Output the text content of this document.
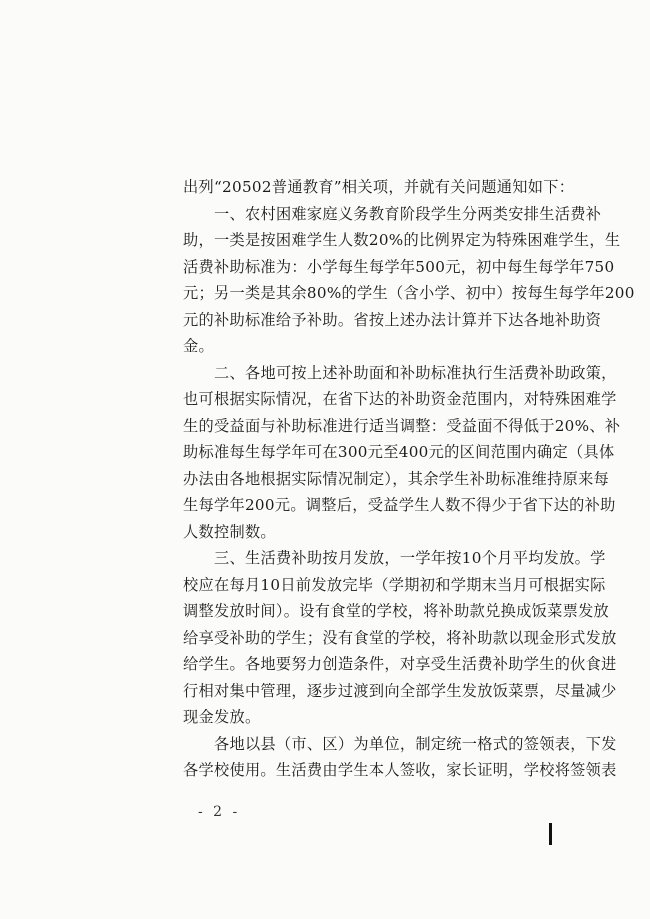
出列“20502普通教育”相关项，并就有关问题通知如下：
一、农村困难家庭义务教育阶段学生分两类安排生活费补
助，一类是按困难学生人数20%的比例界定为特殊困难学生，生
活费补助标准为：小学每生每学年500元，初中每生每学年750
元；另一类是其余80%的学生（含小学、初中）按每生每学年200
元的补助标准给予补助。省按上述办法计算并下达各地补助资
金。
二、各地可按上述补助面和补助标准执行生活费补助政策，
也可根据实际情况，在省下达的补助资金范围内，对特殊困难学
生的受益面与补助标准进行适当调整：受益面不得低于20%、补
助标准每生每学年可在300元至400元的区间范围内确定（具体
办法由各地根据实际情况制定），其余学生补助标准维持原来每
生每学年200元。调整后，受益学生人数不得少于省下达的补助
人数控制数。
三、生活费补助按月发放，一学年按10个月平均发放。学
校应在每月10日前发放完毕（学期初和学期末当月可根据实际
调整发放时间）。设有食堂的学校，将补助款兑换成饭菜票发放
给享受补助的学生；没有食堂的学校，将补助款以现金形式发放
给学生。各地要努力创造条件，对享受生活费补助学生的伙食进
行相对集中管理，逐步过渡到向全部学生发放饭菜票，尽量减少
现金发放。
- 2 -
各地以县（市、区）为单位，制定统一格式的签领表，下发
各学校使用。生活费由学生本人签收，家长证明，学校将签领表
